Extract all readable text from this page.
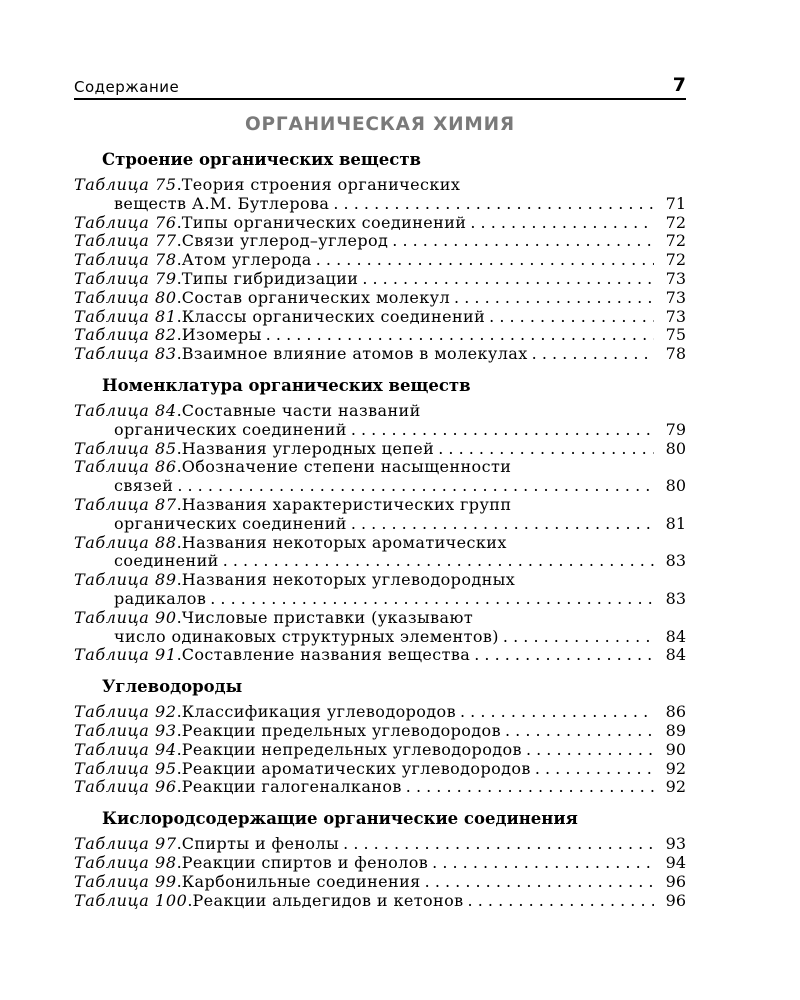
Содержание	7
ОРГАНИЧЕСКАЯ ХИМИЯ
Строение органических веществ
Таблица 75 . Теория строения органических
веществ А.М. Бутлерова . . .	71
Таблица 76 . Типы органических соединений . . .	72
Таблица 77 . Связи углерод–углерод . . .	72
Таблица 78 . Атом углерода . . .	72
Таблица 79 . Типы гибридизации . . .	73
Таблица 80 . Состав органических молекул . . .	73
Таблица 81 . Классы органических соединений . . .	73
Таблица 82 . Изомеры . . .	75
Таблица 83 . Взаимное влияние атомов в молекулах . . .	78
Номенклатура органических веществ
Таблица 84 . Составные части названий
органических соединений . . .	79
Таблица 85 . Названия углеродных цепей . . .	80
Таблица 86 . Обозначение степени насыщенности
связей . . .	80
Таблица 87 . Названия характеристических групп
органических соединений . . .	81
Таблица 88 . Названия некоторых ароматических
соединений . . .	83
Таблица 89 . Названия некоторых углеводородных
радикалов . . .	83
Таблица 90 . Числовые приставки (указывают
число одинаковых структурных элементов) . . .	84
Таблица 91 . Составление названия вещества . . .	84
Углеводороды
Таблица 92 . Классификация углеводородов . . .	86
Таблица 93 . Реакции предельных углеводородов . . .	89
Таблица 94 . Реакции непредельных углеводородов . . .	90
Таблица 95 . Реакции ароматических углеводородов . . .	92
Таблица 96 . Реакции галогеналканов . . .	92
Кислородсодержащие органические соединения
Таблица 97 . Спирты и фенолы . . .	93
Таблица 98 . Реакции спиртов и фенолов . . .	94
Таблица 99 . Карбонильные соединения . . .	96
Таблица 100 . Реакции альдегидов и кетонов . . .	96
